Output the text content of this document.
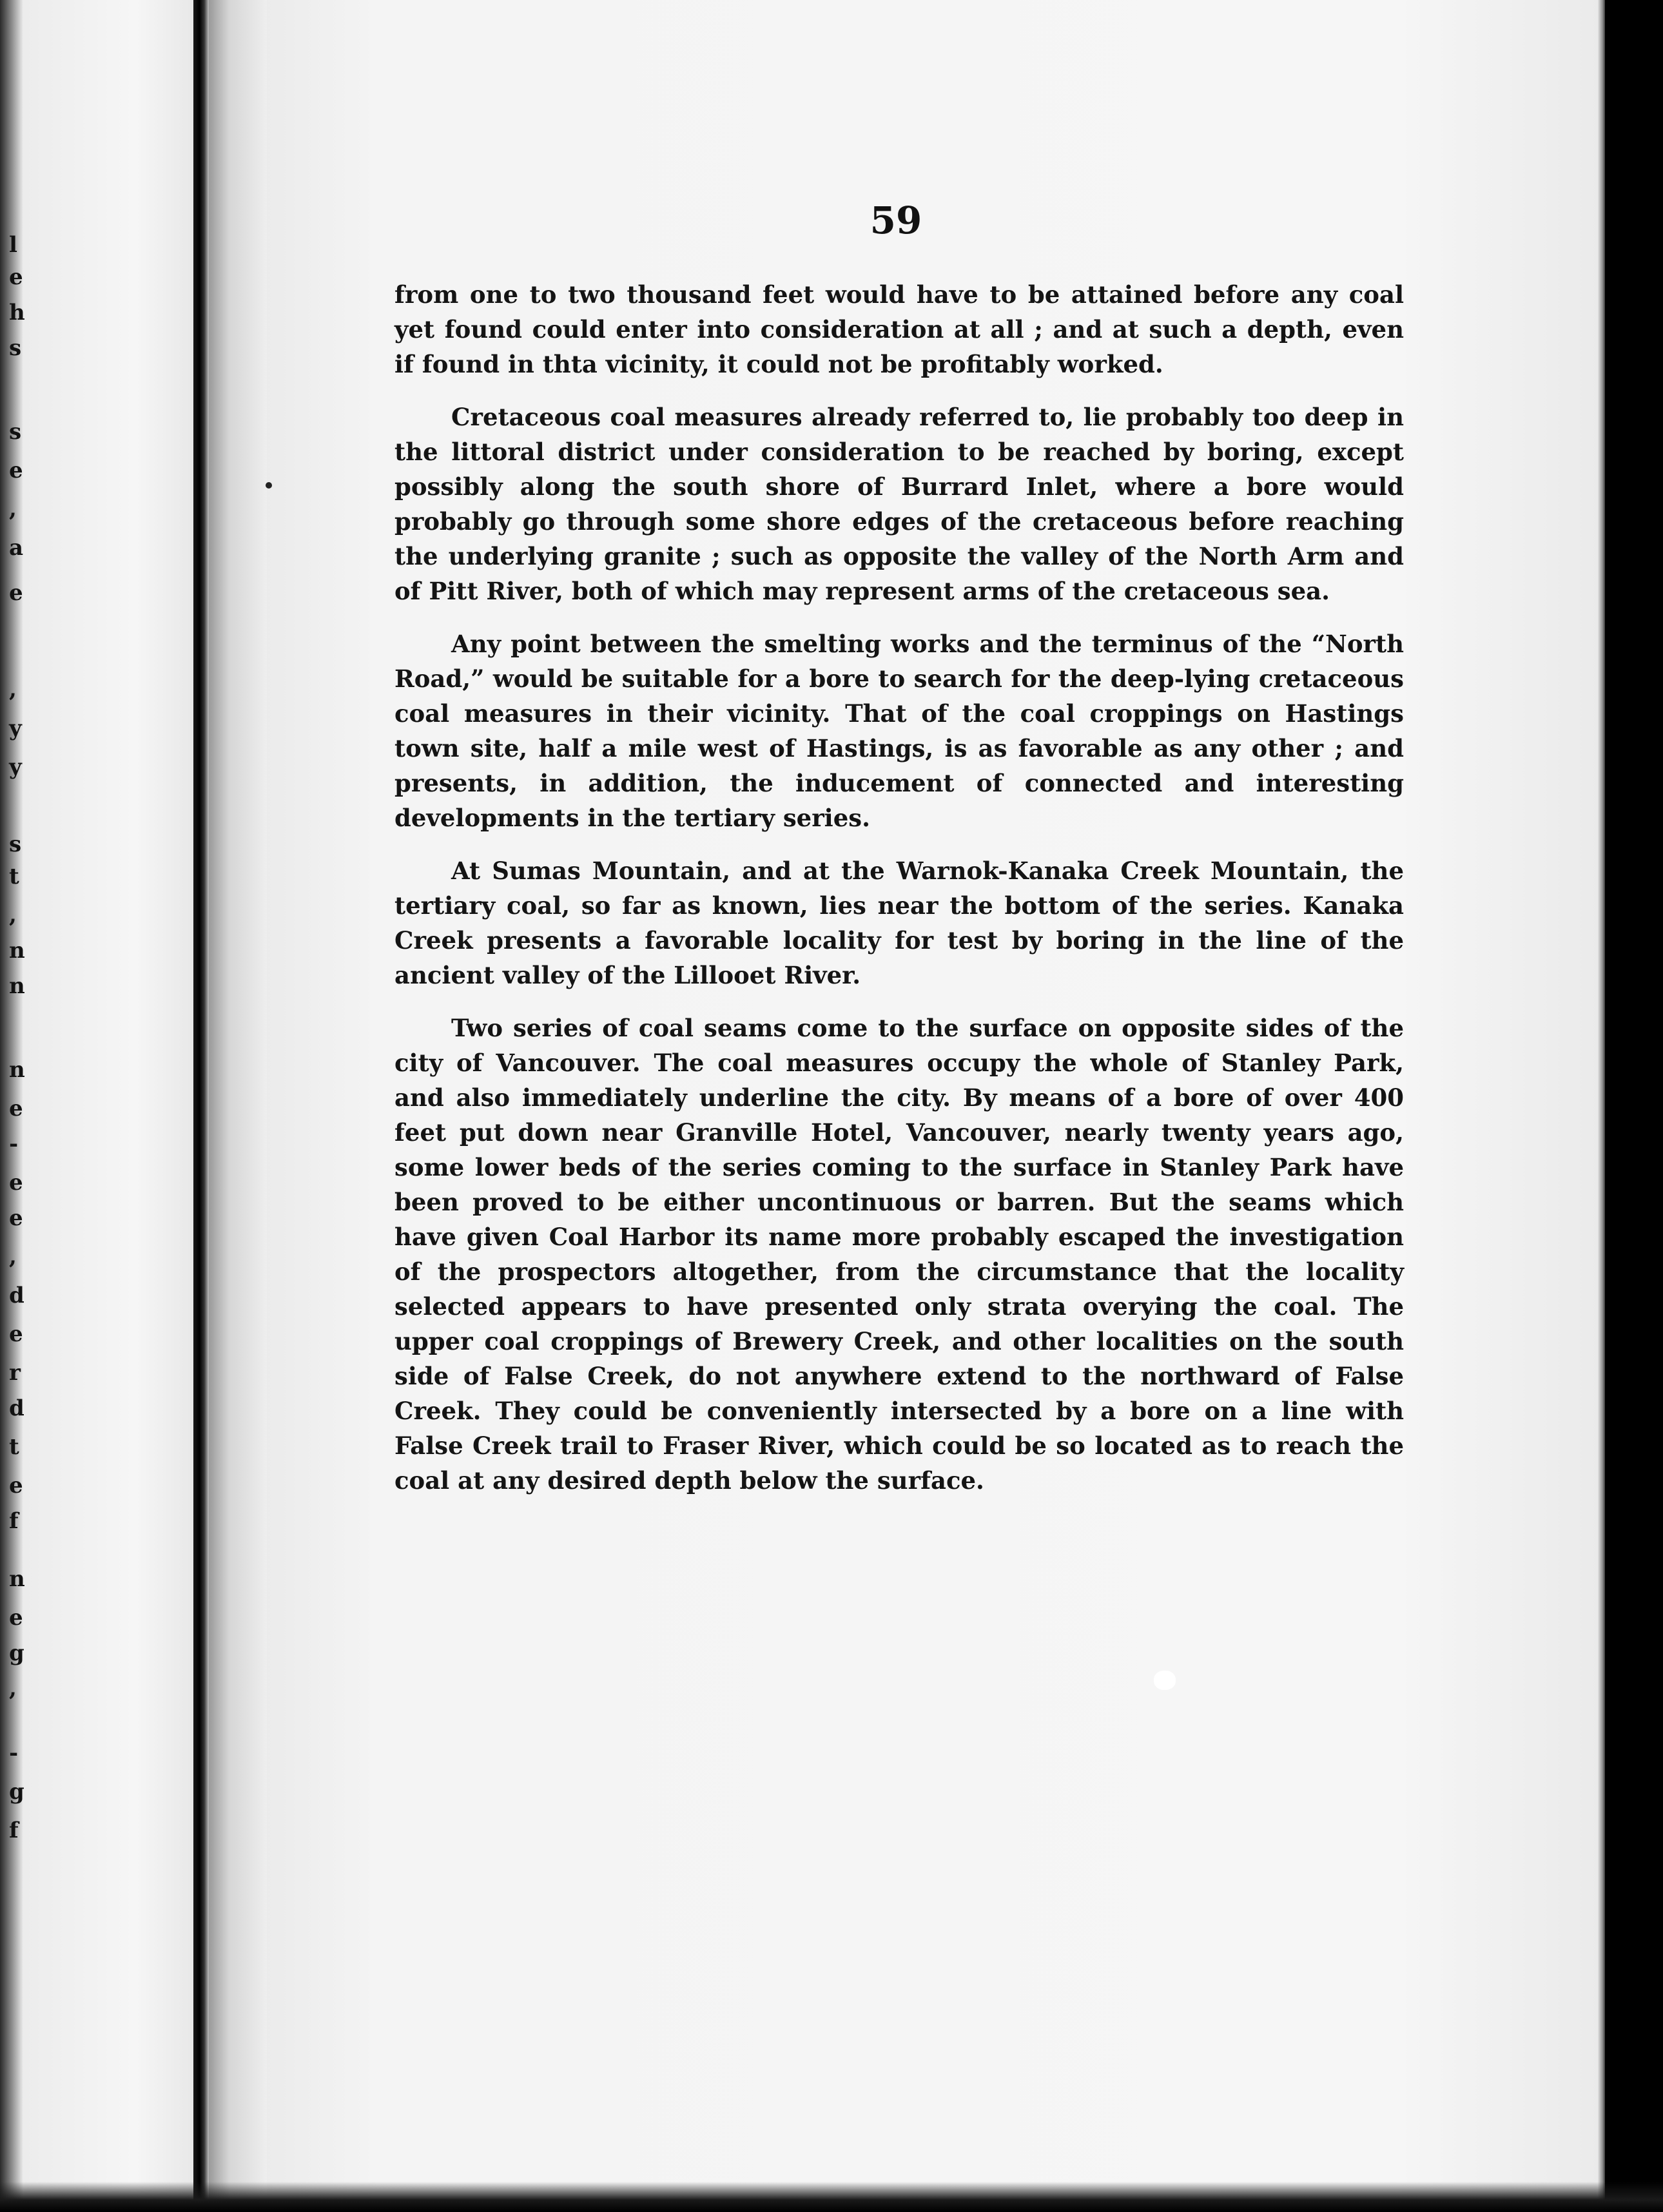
l
e
h
s
s
e
,
a
e
,
y
y
s
t
,
n
n
n
e
-
e
e
,
d
e
r
d
t
e
f
n
e
g
,
-
g
f
59

from one to two thousand feet would have to be attained before any coal yet found could enter into consideration at all ; and at such a depth, even if found in thta vicinity, it could not be profitably worked.

Cretaceous coal measures already referred to, lie probably too deep in the littoral district under consideration to be reached by boring, except possibly along the south shore of Burrard Inlet, where a bore would probably go through some shore edges of the cretaceous before reaching the underlying granite ; such as opposite the valley of the North Arm and of Pitt River, both of which may represent arms of the cretaceous sea.

Any point between the smelting works and the terminus of the “North Road,” would be suitable for a bore to search for the deep-lying cretaceous coal measures in their vicinity. That of the coal croppings on Hastings town site, half a mile west of Hastings, is as favorable as any other ; and presents, in addition, the inducement of connected and interesting developments in the tertiary series.

At Sumas Mountain, and at the Warnok-Kanaka Creek Mountain, the tertiary coal, so far as known, lies near the bottom of the series. Kanaka Creek presents a favorable locality for test by boring in the line of the ancient valley of the Lillooet River.

Two series of coal seams come to the surface on opposite sides of the city of Vancouver. The coal measures occupy the whole of Stanley Park, and also immediately underline the city. By means of a bore of over 400 feet put down near Granville Hotel, Vancouver, nearly twenty years ago, some lower beds of the series coming to the surface in Stanley Park have been proved to be either uncontinuous or barren. But the seams which have given Coal Harbor its name more probably escaped the investigation of the prospectors altogether, from the circumstance that the locality selected appears to have presented only strata overying the coal. The upper coal croppings of Brewery Creek, and other localities on the south side of False Creek, do not anywhere extend to the northward of False Creek. They could be conveniently intersected by a bore on a line with False Creek trail to Fraser River, which could be so located as to reach the coal at any desired depth below the surface.
